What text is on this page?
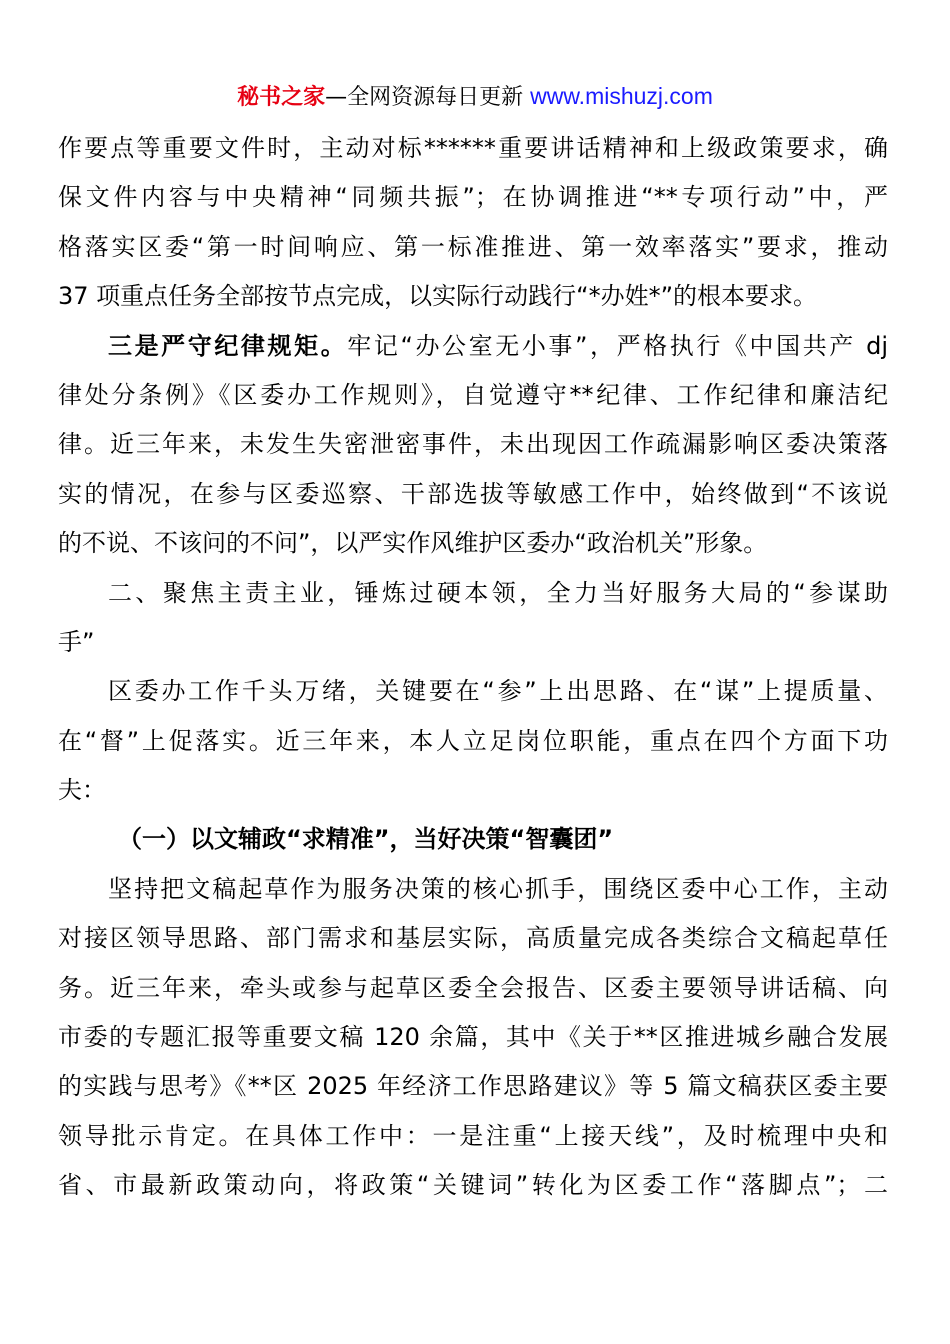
秘书之家—全网资源每日更新 www.mishuzj.com
作要点等重要文件时，主动对标******重要讲话精神和上级政策要求，确
保文件内容与中央精神“同频共振”；在协调推进“**专项行动”中，严
格落实区委“第一时间响应、第一标准推进、第一效率落实”要求，推动
37 项重点任务全部按节点完成，以实际行动践行“*办姓*”的根本要求。
三是严守纪律规矩。牢记“办公室无小事”，严格执行《中国共产 dj
律处分条例》《区委办工作规则》，自觉遵守**纪律、工作纪律和廉洁纪
律。近三年来，未发生失密泄密事件，未出现因工作疏漏影响区委决策落
实的情况，在参与区委巡察、干部选拔等敏感工作中，始终做到“不该说
的不说、不该问的不问”，以严实作风维护区委办“政治机关”形象。
二、聚焦主责主业，锤炼过硬本领，全力当好服务大局的“参谋助
手”
区委办工作千头万绪，关键要在“参”上出思路、在“谋”上提质量、
在“督”上促落实。近三年来，本人立足岗位职能，重点在四个方面下功
夫：
（一）以文辅政“求精准”，当好决策“智囊团”
坚持把文稿起草作为服务决策的核心抓手，围绕区委中心工作，主动
对接区领导思路、部门需求和基层实际，高质量完成各类综合文稿起草任
务。近三年来，牵头或参与起草区委全会报告、区委主要领导讲话稿、向
市委的专题汇报等重要文稿 120 余篇，其中《关于**区推进城乡融合发展
的实践与思考》《**区 2025 年经济工作思路建议》等 5 篇文稿获区委主要
领导批示肯定。在具体工作中：一是注重“上接天线”，及时梳理中央和
省、市最新政策动向，将政策“关键词”转化为区委工作“落脚点”；二
